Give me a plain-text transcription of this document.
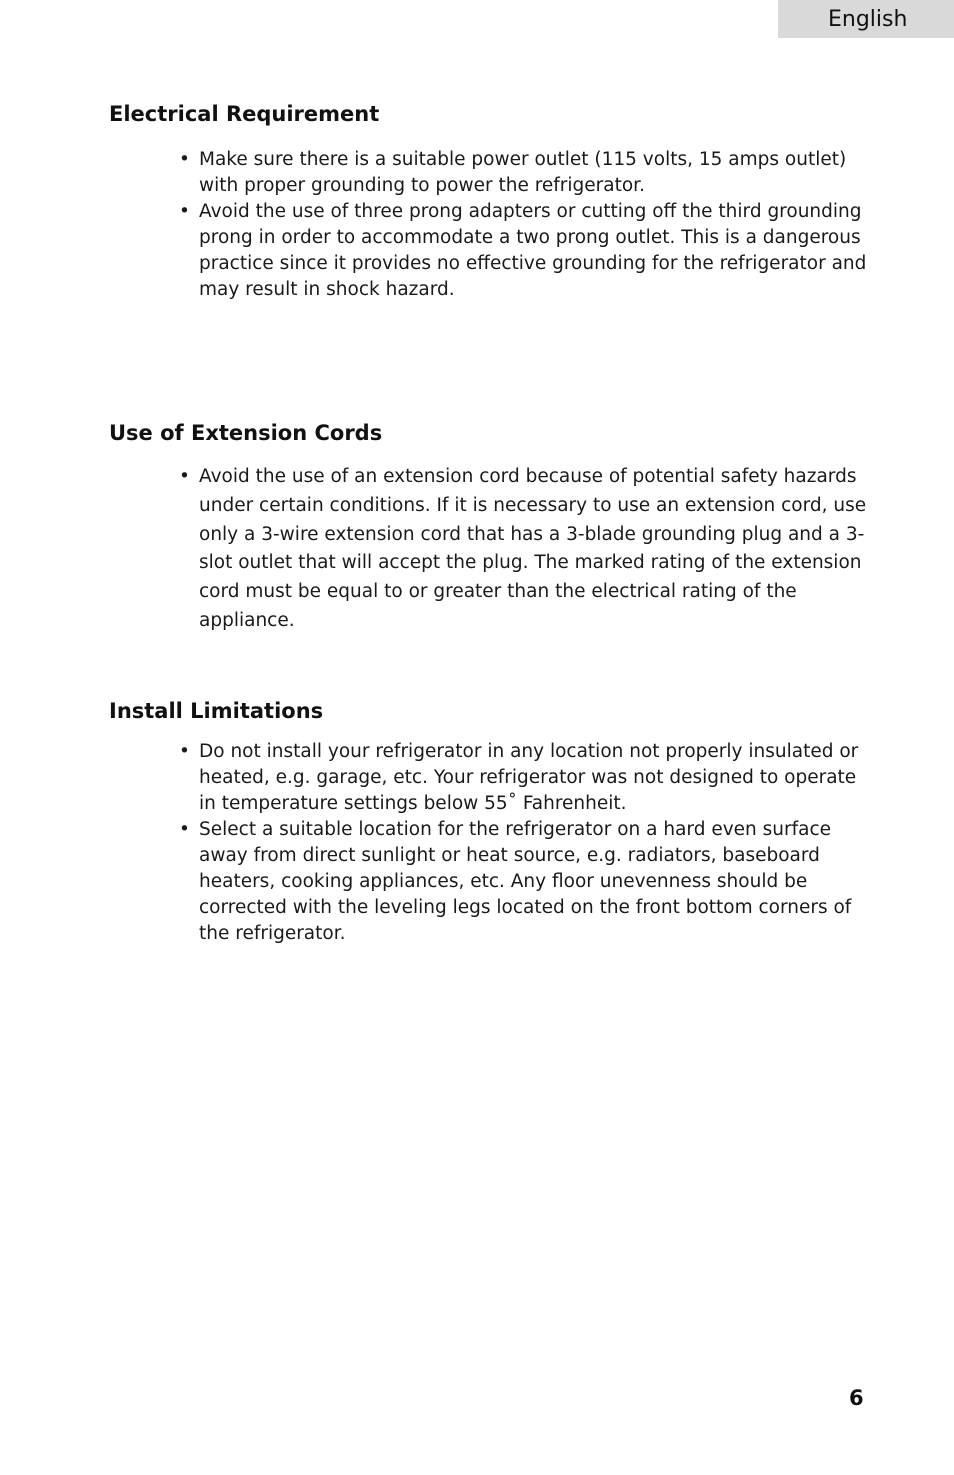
English
Electrical Requirement
• Make sure there is a suitable power outlet (115 volts, 15 amps outlet) with proper grounding to power the refrigerator.
• Avoid the use of three prong adapters or cutting off the third grounding prong in order to accommodate a two prong outlet. This is a dangerous practice since it provides no effective grounding for the refrigerator and may result in shock hazard.
Use of Extension Cords
• Avoid the use of an extension cord because of potential safety hazards under certain conditions. If it is necessary to use an extension cord, use only a 3-wire extension cord that has a 3-blade grounding plug and a 3-slot outlet that will accept the plug. The marked rating of the extension cord must be equal to or greater than the electrical rating of the appliance.
Install Limitations
• Do not install your refrigerator in any location not properly insulated or heated, e.g. garage, etc. Your refrigerator was not designed to operate in temperature settings below 55˚ Fahrenheit.
• Select a suitable location for the refrigerator on a hard even surface away from direct sunlight or heat source, e.g. radiators, baseboard heaters, cooking appliances, etc. Any floor unevenness should be corrected with the leveling legs located on the front bottom corners of the refrigerator.
6
